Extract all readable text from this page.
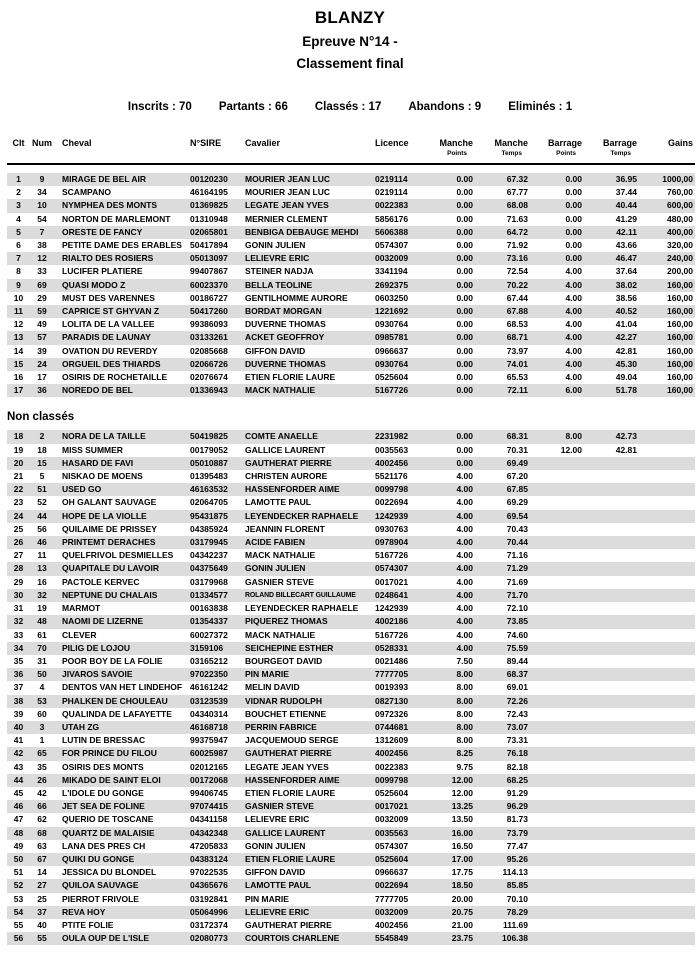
BLANZY
Epreuve N°14 -
Classement final
Inscrits : 70 Partants : 66 Classés : 17 Abandons : 9 Eliminés : 1
Clt	Num	Cheval	N°SIRE	Cavalier	Licence	Manche	Manche	Barrage	Barrage	Gains
						Points	Temps	Points	Temps	
1	9	MIRAGE DE BEL AIR	00120230	MOURIER JEAN LUC	0219114	0.00	67.32	0.00	36.95	1000,00
2	34	SCAMPANO	46164195	MOURIER JEAN LUC	0219114	0.00	67.77	0.00	37.44	760,00
3	10	NYMPHEA DES MONTS	01369825	LEGATE JEAN YVES	0022383	0.00	68.08	0.00	40.44	600,00
4	54	NORTON DE MARLEMONT	01310948	MERNIER CLEMENT	5856176	0.00	71.63	0.00	41.29	480,00
5	7	ORESTE DE FANCY	02065801	BENBIGA DEBAUGE MEHDI	5606388	0.00	64.72	0.00	42.11	400,00
6	38	PETITE DAME DES ERABLES	50417894	GONIN JULIEN	0574307	0.00	71.92	0.00	43.66	320,00
7	12	RIALTO DES ROSIERS	05013097	LELIEVRE ERIC	0032009	0.00	73.16	0.00	46.47	240,00
8	33	LUCIFER PLATIERE	99407867	STEINER NADJA	3341194	0.00	72.54	4.00	37.64	200,00
9	69	QUASI MODO Z	60023370	BELLA TEOLINE	2692375	0.00	70.22	4.00	38.02	160,00
10	29	MUST DES VARENNES	00186727	GENTILHOMME AURORE	0603250	0.00	67.44	4.00	38.56	160,00
11	59	CAPRICE ST GHYVAN Z	50417260	BORDAT MORGAN	1221692	0.00	67.88	4.00	40.52	160,00
12	49	LOLITA DE LA VALLEE	99386093	DUVERNE THOMAS	0930764	0.00	68.53	4.00	41.04	160,00
13	57	PARADIS DE LAUNAY	03133261	ACKET GEOFFROY	0985781	0.00	68.71	4.00	42.27	160,00
14	39	OVATION DU REVERDY	02085668	GIFFON DAVID	0966637	0.00	73.97	4.00	42.81	160,00
15	24	ORGUEIL DES THIARDS	02066726	DUVERNE THOMAS	0930764	0.00	74.01	4.00	45.30	160,00
16	17	OSIRIS DE ROCHETAILLE	02076674	ETIEN FLORIE LAURE	0525604	0.00	65.53	4.00	49.04	160,00
17	36	NOREDO DE BEL	01336943	MACK NATHALIE	5167726	0.00	72.11	6.00	51.78	160,00
Non classés
18	2	NORA DE LA TAILLE	50419825	COMTE ANAELLE	2231982	0.00	68.31	8.00	42.73	
19	18	MISS SUMMER	00179052	GALLICE LAURENT	0035563	0.00	70.31	12.00	42.81	
20	15	HASARD DE FAVI	05010887	GAUTHERAT PIERRE	4002456	0.00	69.49			
21	5	NISKAO DE MOENS	01395483	CHRISTEN AURORE	5521176	4.00	67.20			
22	51	USED GO	46163532	HASSENFORDER AIME	0099798	4.00	67.85			
23	52	OH GALANT SAUVAGE	02064705	LAMOTTE PAUL	0022694	4.00	69.29			
24	44	HOPE DE LA VIOLLE	95431875	LEYENDECKER RAPHAELE	1242939	4.00	69.54			
25	56	QUILAIME DE PRISSEY	04385924	JEANNIN FLORENT	0930763	4.00	70.43			
26	46	PRINTEMT DERACHES	03179945	ACIDE FABIEN	0978904	4.00	70.44			
27	11	QUELFRIVOL DESMIELLES	04342237	MACK NATHALIE	5167726	4.00	71.16			
28	13	QUAPITALE DU LAVOIR	04375649	GONIN JULIEN	0574307	4.00	71.29			
29	16	PACTOLE KERVEC	03179968	GASNIER STEVE	0017021	4.00	71.69			
30	32	NEPTUNE DU CHALAIS	01334577	ROLAND BILLECART GUILLAUME	0248641	4.00	71.70			
31	19	MARMOT	00163838	LEYENDECKER RAPHAELE	1242939	4.00	72.10			
32	48	NAOMI DE LIZERNE	01354337	PIQUEREZ THOMAS	4002186	4.00	73.85			
33	61	CLEVER	60027372	MACK NATHALIE	5167726	4.00	74.60			
34	70	PILIG DE LOJOU	3159106	SEICHEPINE ESTHER	0528331	4.00	75.59			
35	31	POOR BOY DE LA FOLIE	03165212	BOURGEOT DAVID	0021486	7.50	89.44			
36	50	JIVAROS SAVOIE	97022350	PIN MARIE	7777705	8.00	68.37			
37	4	DENTOS VAN HET LINDEHOF	46161242	MELIN DAVID	0019393	8.00	69.01			
38	53	PHALKEN DE CHOULEAU	03123539	VIDNAR RUDOLPH	0827130	8.00	72.26			
39	60	QUALINDA DE LAFAYETTE	04340314	BOUCHET ETIENNE	0972326	8.00	72.43			
40	3	UTAH ZG	46168718	PERRIN FABRICE	0744681	8.00	73.07			
41	1	LUTIN DE BRESSAC	99375947	JACQUEMOUD SERGE	1312609	8.00	73.31			
42	65	FOR PRINCE DU FILOU	60025987	GAUTHERAT PIERRE	4002456	8.25	76.18			
43	35	OSIRIS DES MONTS	02012165	LEGATE JEAN YVES	0022383	9.75	82.18			
44	26	MIKADO DE SAINT ELOI	00172068	HASSENFORDER AIME	0099798	12.00	68.25			
45	42	L'IDOLE DU GONGE	99406745	ETIEN FLORIE LAURE	0525604	12.00	91.29			
46	66	JET SEA DE FOLINE	97074415	GASNIER STEVE	0017021	13.25	96.29			
47	62	QUERIO DE TOSCANE	04341158	LELIEVRE ERIC	0032009	13.50	81.73			
48	68	QUARTZ DE MALAISIE	04342348	GALLICE LAURENT	0035563	16.00	73.79			
49	63	LANA DES PRES CH	47205833	GONIN JULIEN	0574307	16.50	77.47			
50	67	QUIKI DU GONGE	04383124	ETIEN FLORIE LAURE	0525604	17.00	95.26			
51	14	JESSICA DU BLONDEL	97022535	GIFFON DAVID	0966637	17.75	114.13			
52	27	QUILOA SAUVAGE	04365676	LAMOTTE PAUL	0022694	18.50	85.85			
53	25	PIERROT FRIVOLE	03192841	PIN MARIE	7777705	20.00	70.10			
54	37	REVA HOY	05064996	LELIEVRE ERIC	0032009	20.75	78.29			
55	40	PTITE FOLIE	03172374	GAUTHERAT PIERRE	4002456	21.00	111.69			
56	55	OULA OUP DE L'ISLE	02080773	COURTOIS CHARLENE	5545849	23.75	106.38			
